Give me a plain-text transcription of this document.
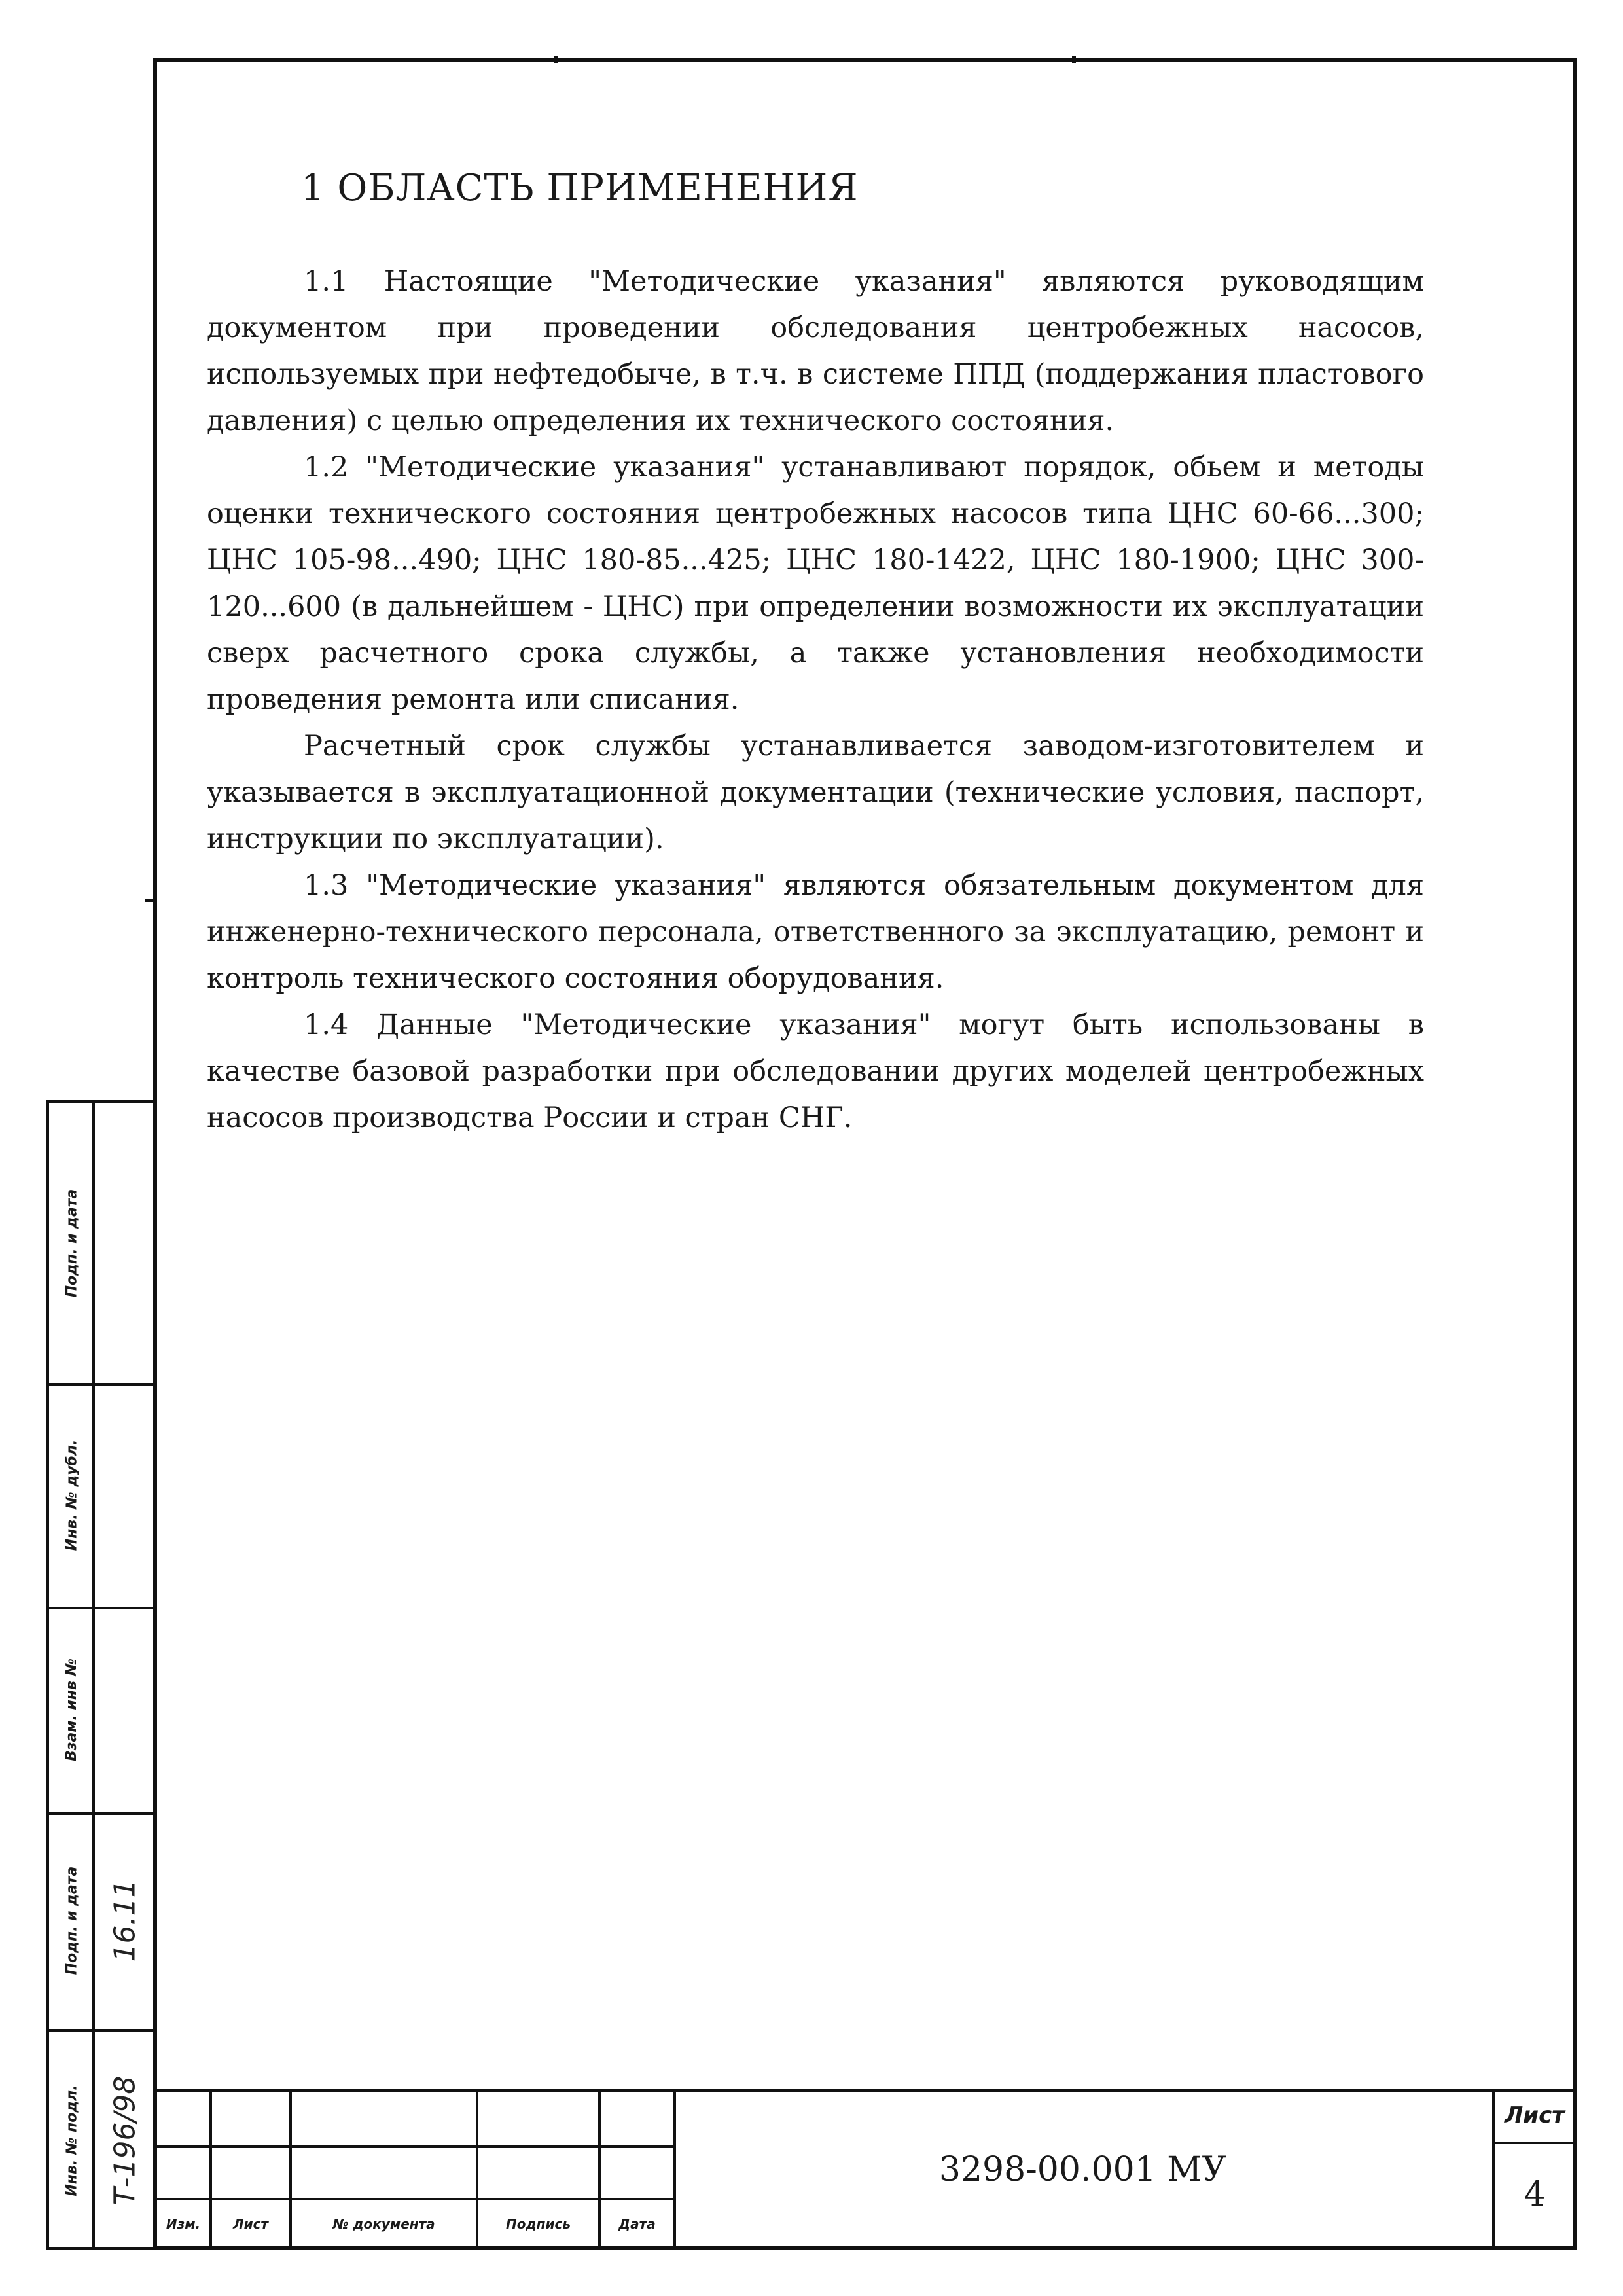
1 ОБЛАСТЬ ПРИМЕНЕНИЯ

1.1 Настоящие "Методические указания" являются руководящим документом при проведении обследования центробежных насосов, используемых при нефтедобыче, в т.ч. в системе ППД (поддержания пластового давления) с целью определения их технического состояния.

1.2 "Методические указания" устанавливают порядок, обьем и методы оценки технического состояния центробежных насосов типа ЦНС 60-66...300; ЦНС 105-98...490; ЦНС 180-85...425; ЦНС 180-1422, ЦНС 180-1900; ЦНС 300-120...600 (в дальнейшем - ЦНС) при определении возможности их эксплуатации сверх расчетного срока службы, а также установления необходимости проведения ремонта или списания.

Расчетный срок службы устанавливается заводом-изготовителем и указывается в эксплуатационной документации (технические условия, паспорт, инструкции по эксплуатации).

1.3 "Методические указания" являются обязательным документом для инженерно-технического персонала, ответственного за эксплуатацию, ремонт и контроль технического состояния оборудования.

1.4 Данные "Методические указания" могут быть использованы в качестве базовой разработки при обследовании других моделей центробежных насосов производства России и стран СНГ.

Подп. и дата
Инв. № дубл.
Взам. инв №
Подп. и дата
Инв. № подл.
16.11
Т-196/98
Изм.	Лист	№ документа	Подпись	Дата
3298-00.001 МУ
Лист
4
